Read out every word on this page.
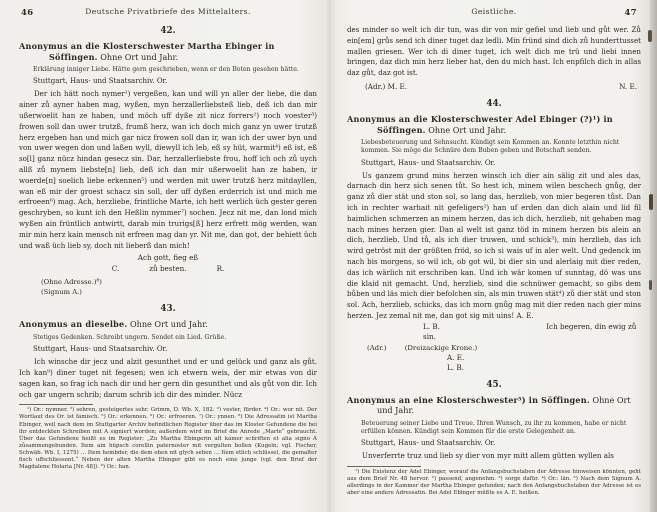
46	Deutsche Privatbriefe des Mittelalters.
42.
Anonymus an die Klosterschwester Martha Ebinger in Söffingen. Ohne Ort und Jahr.
Erklärung inniger Liebe. Hätte gern geschrieben, wenn er den Boten gesehen hätte.
Stuttgart, Haus- und Staatsarchiv. Or.

Der ich hätt noch nymer¹) vergeßen, kan und will yn aller der liebe, die dan ainer zů ayner haben mag, wyßen, myn herzallerliebsteß lieb, deß ich dan mir ußerwoelit han ze haben, und möch uff dyße zit nicz forrers²) noch voester³) frowen soll dan uwer trutzß, frumß herz, wan ich doch mich ganz yn uwer trutzß herz ergeben han und mich gar nicz frowen soll dan ir, wan ich der uwer byn und von uwer wegen don und laßen wyll, diewyll ich leb, eß sy hüt, warmit⁴) eß ist, eß so[l] ganz nücz hindan gesecz sin. Dar, herzallerliebste frou, hoff ich och zů uych allß zů mynem liebste[n] lieb, deß ich dan mir ußerwoelit han ze haben, ir woerde[n] soelich liebe erkennen⁵) und werden mit uwer trutzß herz mitdayllen, wan eß mir der groest schacz sin soll, der uff dyßen erderrich ist und mich me erfroeen⁶) mag. Ach, herzliebe, frintliche Marte, ich hett werlich üch gester geren geschryben, so kunt ich den Heßlin nymmer⁷) sochen. Jecz nit me, dan lond mich wyßen ain früntlich antwirtt, darab min trurigs[ß] herz erfrett mög werden, wan mir min herz kain mensch nit erfreen mag dan yr. Nit me, dan got, der behiett üch und waß üch lieb sy, doch nit lieberß dan mich!

Ach gott, fieg eß
C.	zů besten.	R.
(Ohne Adresse.)⁸)
(Signum A.)
43.
Anonymus an dieselbe. Ohne Ort und Jahr.
Stetiges Gedenken. Schreibt ungern. Sendet ein Lied. Grüße.
Stuttgart, Haus- und Staatsarchiv. Or.

Ich winsche dir jecz und alzit gesunthet und er und gelück und ganz als gůt. Ich kan⁹) diner tuget nit fegesen; wen ich etwern weis, der mir etwas von dir sagen kan, so frag ich nach dir und her gern din gesunthet und als gůt von dir. Ich och gar ungern schrib; darum schrib ich dir des minder. Nücz

¹) Or.: nymner. ²) sehren, gesteigertes sehr. Grimm, D. Wb. X, 182. ³) vester, fürder. ⁴) Or.: wor nit. Der Wortlaut des Or. ist famisch. ⁵) Or.: erkennen. ⁶) Or.: erfroeren. ⁷) Or.: ynnen. ⁸) Die Adressatin ist Martha Ebinger, weil nach dem im Stuttgarter Archiv befindlichen Register über das im Kloster Gefundene die bei ihr entdeckten Schreiben mit A signiert worden; außerdem wird im Brief die Anrede „Marte“ gebraucht. Über das Gefundene heißt es im Register: „Zu Martha Ebingerin alt kamer schriften et alia signo A zůsammengebunden. Item ain hüpsch corellin paternoster mit vergulten bollen (Kugeln; vgl. Fischer, Schwäb. Wb. I, 1275) … Item hembder, die dem oben nit glych sehen … Item etlich schlüssel, die gemalter fisch uffschliessent.“ Neben der alten Martha Ebinger gibt es noch eine junge (vgl. den Brief der Magdalene Holaria [Nr. 48]). ⁹) Or.: han.

Geistliche.	47

des minder so welt ich dir tun, was dir von mir gefiel und lieb und gůt wer. Zů ein[em] grůs send ich diner tuget daz ledli. Min fründ sind dich zů hunderttusset mallen griesen. Wer ich di diner tuget, ich welt dich me trü und liebi innen bringen, daz dich min herz lieber hat, den du mich hast. Ich enpfilch dich in allas daz gůt, daz got ist.

(Adr.) M. E.	N. E.
44.
Anonymus an die Klosterschwester Adel Ebinger (?)¹) in Söffingen. Ohne Ort und Jahr.
Liebesbeteuerung und Sehnsucht. Kündigt sein Kommen an. Konnte letzthin nicht kommen. Sie möge die Schnüre dem Buben geben und Botschaft senden.
Stuttgart, Haus- und Staatsarchiv. Or.

Us ganzem grund mins herzen winsch ich dier ain sälig zit und ales das, darnach din herz sich senen tůt. So hest ich, minem wilen beschech gnůg, der ganz zů dier stät und ston sol, so lang das, herzlieb, von mier begeren tůst. Dan ich in rechter warhait nit gefeligers²) han uf erden dan dich alain und lid fil haimlichen schmerzen an minem herzen, das ich dich, herzlieb, nit gehaben mag nach mines herzen gier. Dan al welt ist ganz töd in minem herzen bis alein an dich, herzlieb. Und tů, als ich dier truwen, und schick³), min herzlieb, das ich wird getröst mit der größten fröd, so ich si wais uf in aler welt. Und gedenck im nach bis morgens, so wil ich, ob got wil, bi dier sin und alerlaig mit dier reden, das ich wärlich nit erschriben kan. Und ich wär komen uf sunntag, dö was uns die klaid nit gemacht. Und, herzlieb, sind die schnüwer gemacht, so gibs dem bůben und läs mich dier befolchen sin, als min truwen stät⁴) zů dier stät und ston sol. Ach, herzlieb, schicks, das ich morn gnůg mag mit dier reden nach gier mins herzen. Jez zemal nit me, dan got sig mit uins! A. E.

L. B.	Ich begeren, din ewig zů sin.
(Adr.)	(Dreizackige Krone.)
A. E.
L. B.
45.
Anonymus an eine Klosterschwester⁵) in Söffingen. Ohne Ort und Jahr.
Beteuerung seiner Liebe und Treue. Ihren Wunsch, zu ihr zu kommen, habe er nicht erfüllen können. Kündigt sein Kommen für die erste Gelegenheit an.
Stuttgart, Haus- und Staatsarchiv. Or.

Unverferrte truz und lieb sy dier von myr mitt allem gütten wyllen als

¹) Die Existenz der Adel Ebinger, worauf die Anfangsbuchstaben der Adresse hinweisen könnten, geht aus dem Brief Nr. 48 hervor. ²) passend, angenehm. ³) sorge dafür. ⁴) Or.: län. ⁵) Nach dem Signum A. allerdings in der Kammer der Martha Ebinger gefunden; nach den Anfangsbuchstaben der Adresse ist es aber eine andere Adressatin. Bei Adel Ebinger müßte es A. E. heißen.
